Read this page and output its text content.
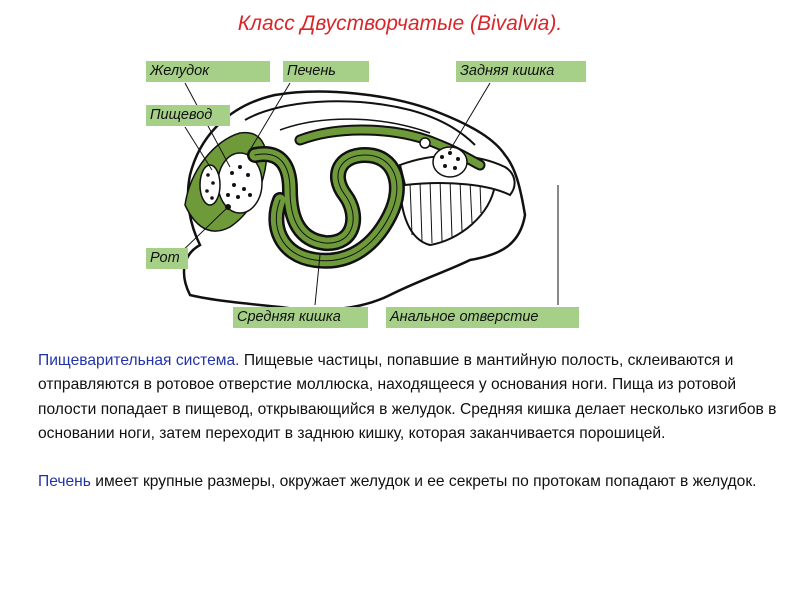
Класс Двустворчатые (Bivalvia).
Желудок	Печень	Задняя кишка
Пищевод
Рот
Средняя кишка	Анальное отверстие

Пищеварительная система. Пищевые частицы, попавшие в мантийную полость, склеиваются и отправляются в ротовое отверстие моллюска, находящееся у основания ноги. Пища из ротовой полости попадает в пищевод, открывающийся в желудок. Средняя кишка делает несколько изгибов в основании ноги, затем переходит в заднюю кишку, которая заканчивается порошицей.

Печень имеет крупные размеры, окружает желудок и ее секреты по протокам попадают в желудок.
